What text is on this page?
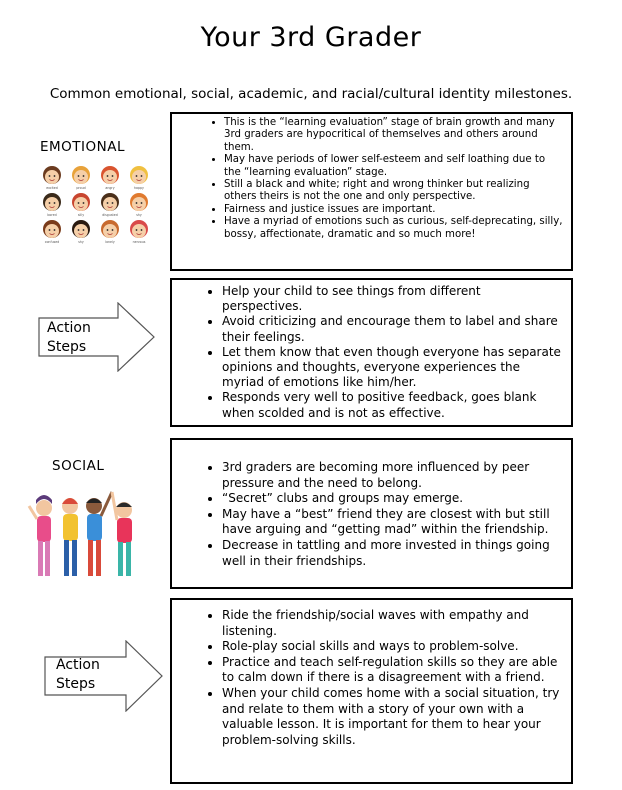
Your 3rd Grader
Common emotional, social, academic, and racial/cultural identity milestones.
EMOTIONAL
excited	proud	angry	happy
bored	silly	disgusted	shy
confused	shy	lonely	nervous
• This is the “learning evaluation” stage of brain growth and many 3rd graders are hypocritical of themselves and others around them.
• May have periods of lower self-esteem and self loathing due to the “learning evaluation” stage.
• Still a black and white; right and wrong thinker but realizing others theirs is not the one and only perspective.
• Fairness and justice issues are important.
• Have a myriad of emotions such as curious, self-deprecating, silly, bossy, affectionate, dramatic and so much more!
Action
Steps
• Help your child to see things from different perspectives.
• Avoid criticizing and encourage them to label and share their feelings.
• Let them know that even though everyone has separate opinions and thoughts, everyone experiences the myriad of emotions like him/her.
• Responds very well to positive feedback, goes blank when scolded and is not as effective.
SOCIAL
•	3rd graders are becoming more influenced by peer pressure and the need to belong.
• “Secret” clubs and groups may emerge.
• May have a “best” friend they are closest with but still have arguing and “getting mad” within the friendship.
• Decrease in tattling and more invested in things going well in their friendships.
Action
Steps
• Ride the friendship/social waves with empathy and listening.
• Role-play social skills and ways to problem-solve.
• Practice and teach self-regulation skills so they are able to calm down if there is a disagreement with a friend.
• When your child comes home with a social situation, try and relate to them with a story of your own with a valuable lesson. It is important for them to hear your problem-solving skills.
